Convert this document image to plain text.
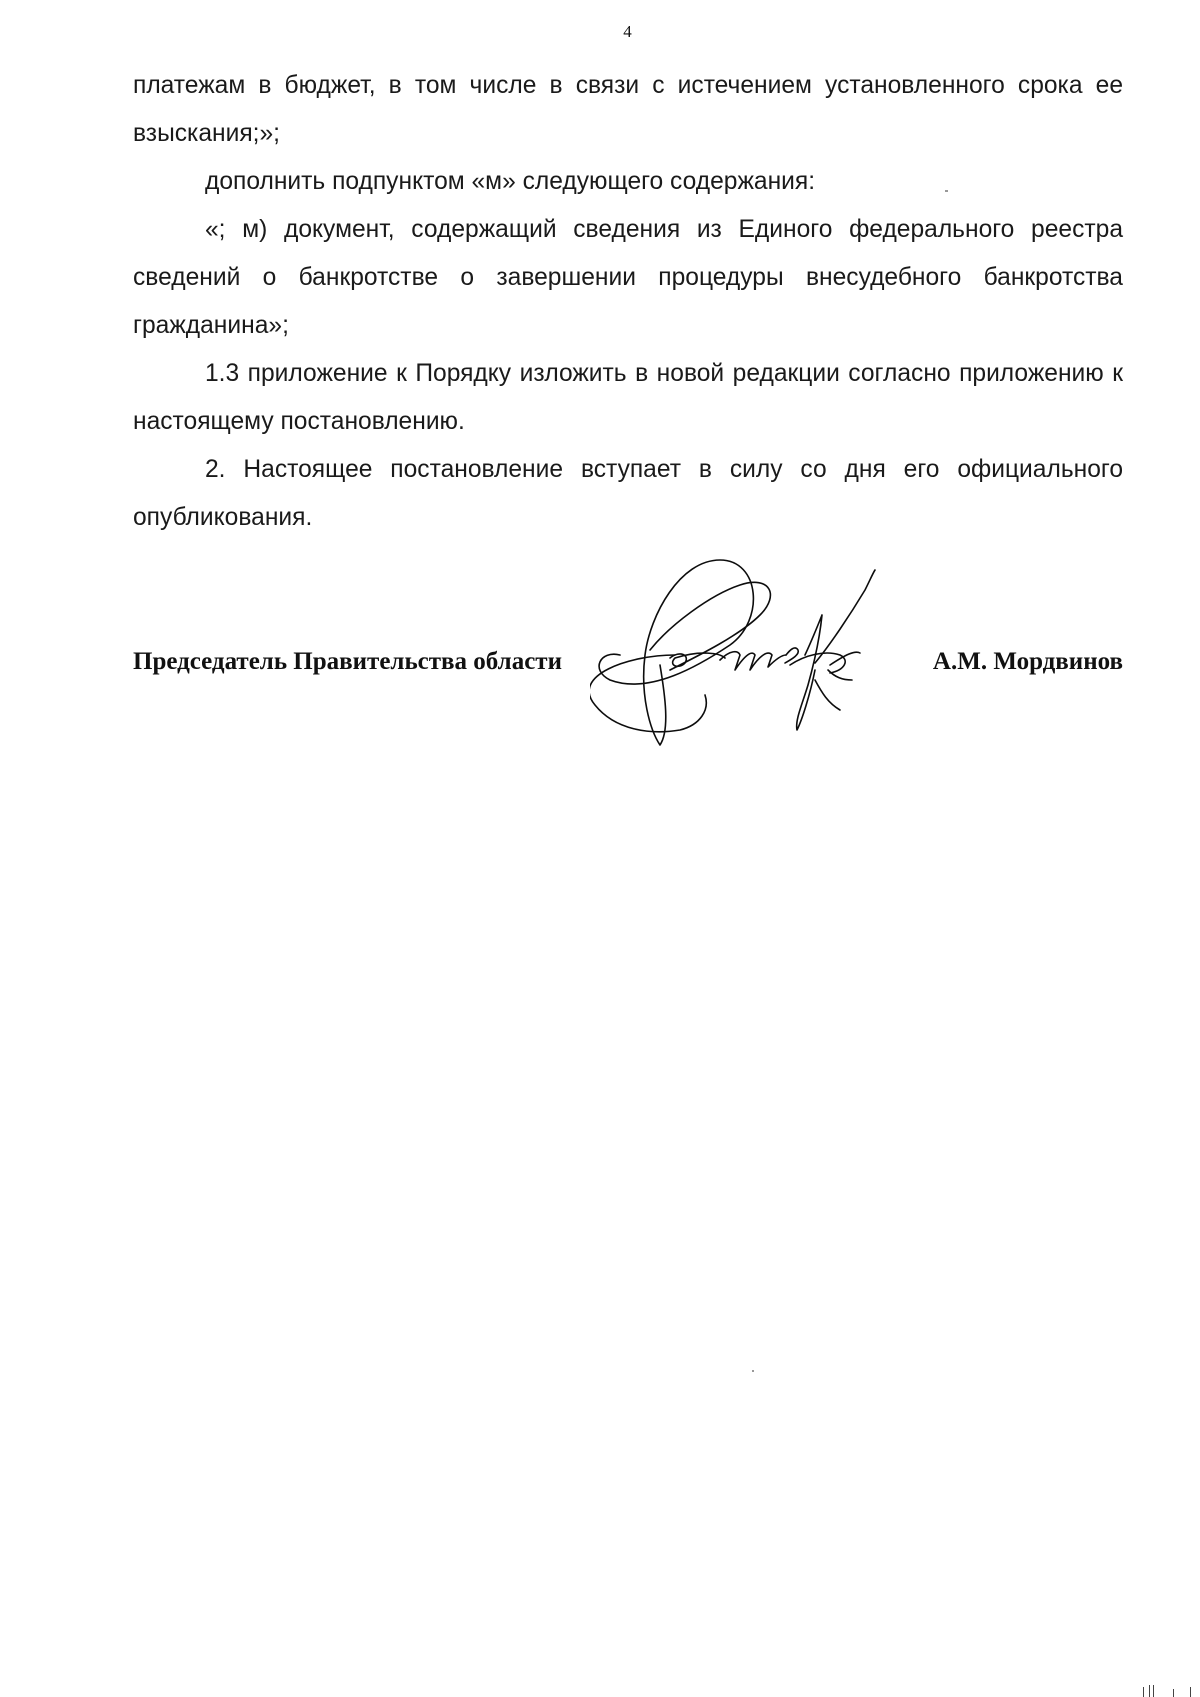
4

платежам в бюджет, в том числе в связи с истечением установленного срока ее взыскания;»;

дополнить подпунктом «м» следующего содержания:

«; м) документ, содержащий сведения из Единого федерального реестра сведений о банкротстве о завершении процедуры внесудебного банкротства гражданина»;

1.3 приложение к Порядку изложить в новой редакции согласно приложению к настоящему постановлению.

2. Настоящее постановление вступает в силу со дня его официального опубликования.

Председатель Правительства области	А.М. Мордвинов
